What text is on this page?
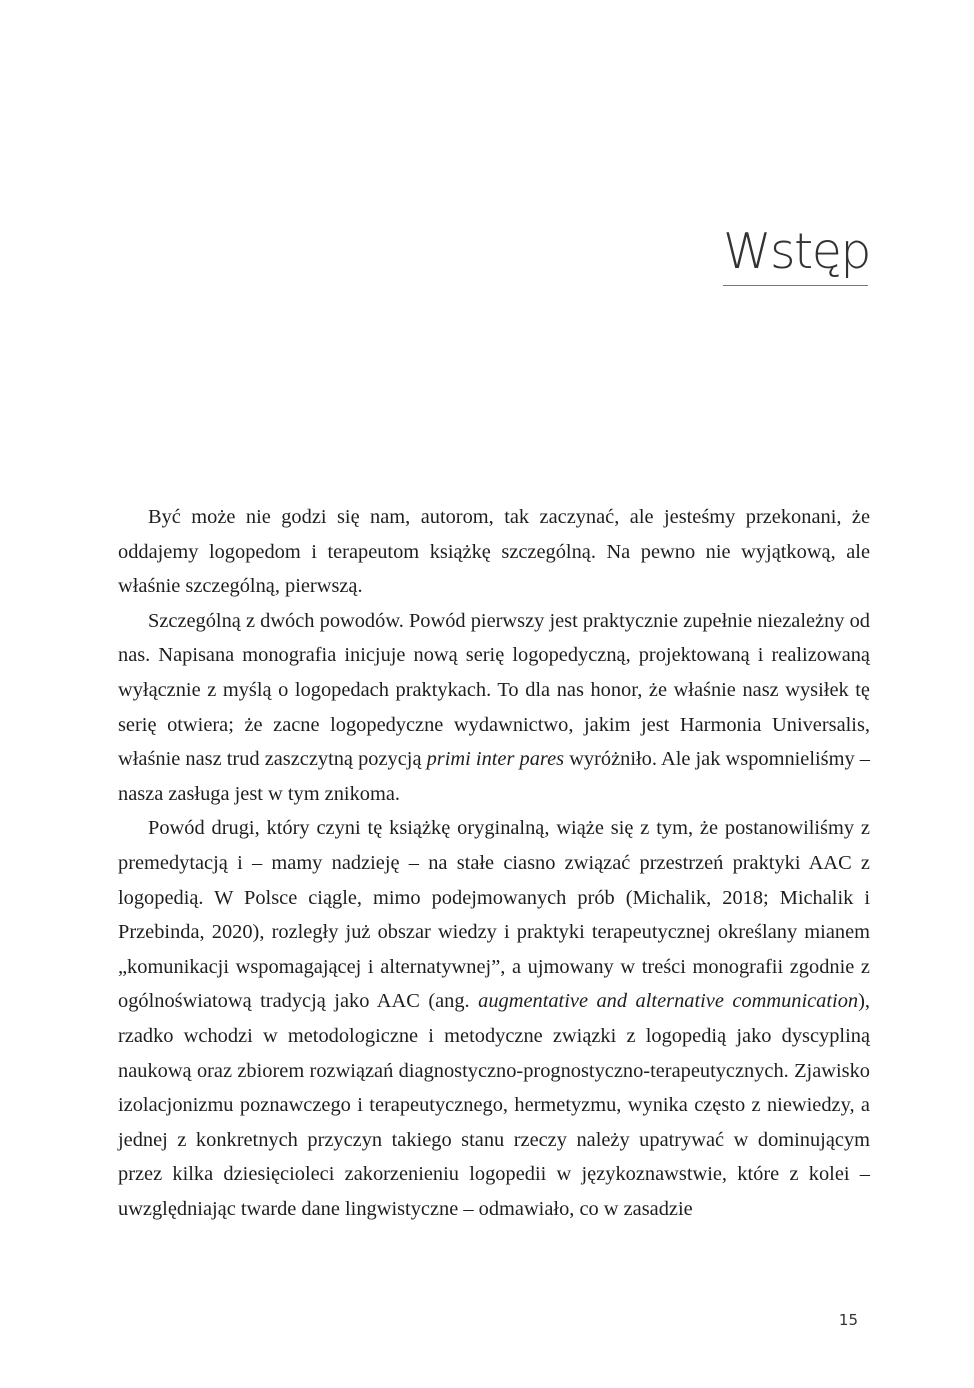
Wstęp

Być może nie godzi się nam, autorom, tak zaczynać, ale jesteśmy przekonani, że oddajemy logopedom i terapeutom książkę szczególną. Na pewno nie wyjątkową, ale właśnie szczególną, pierwszą.

Szczególną z dwóch powodów. Powód pierwszy jest praktycznie zupełnie niezależny od nas. Napisana monografia inicjuje nową serię logopedyczną, projektowaną i realizowaną wyłącznie z myślą o logopedach praktykach. To dla nas honor, że właśnie nasz wysiłek tę serię otwiera; że zacne logopedyczne wydawnictwo, jakim jest Harmonia Universalis, właśnie nasz trud zaszczytną pozycją primi inter pares wyróżniło. Ale jak wspomnieliśmy – nasza zasługa jest w tym znikoma.

Powód drugi, który czyni tę książkę oryginalną, wiąże się z tym, że postanowiliśmy z premedytacją i – mamy nadzieję – na stałe ciasno związać przestrzeń praktyki AAC z logopedią. W Polsce ciągle, mimo podejmowanych prób (Michalik, 2018; Michalik i Przebinda, 2020), rozległy już obszar wiedzy i praktyki terapeutycznej określany mianem „komunikacji wspomagającej i alternatywnej”, a ujmowany w treści monografii zgodnie z ogólnoświatową tradycją jako AAC (ang. augmentative and alternative communication), rzadko wchodzi w metodologiczne i metodyczne związki z logopedią jako dyscypliną naukową oraz zbiorem rozwiązań diagnostyczno-prognostyczno-terapeutycznych. Zjawisko izolacjonizmu poznawczego i terapeutycznego, hermetyzmu, wynika często z niewiedzy, a jednej z konkretnych przyczyn takiego stanu rzeczy należy upatrywać w dominującym przez kilka dziesięcioleci zakorzenieniu logopedii w językoznawstwie, które z kolei – uwzględniając twarde dane lingwistyczne – odmawiało, co w zasadzie

15
